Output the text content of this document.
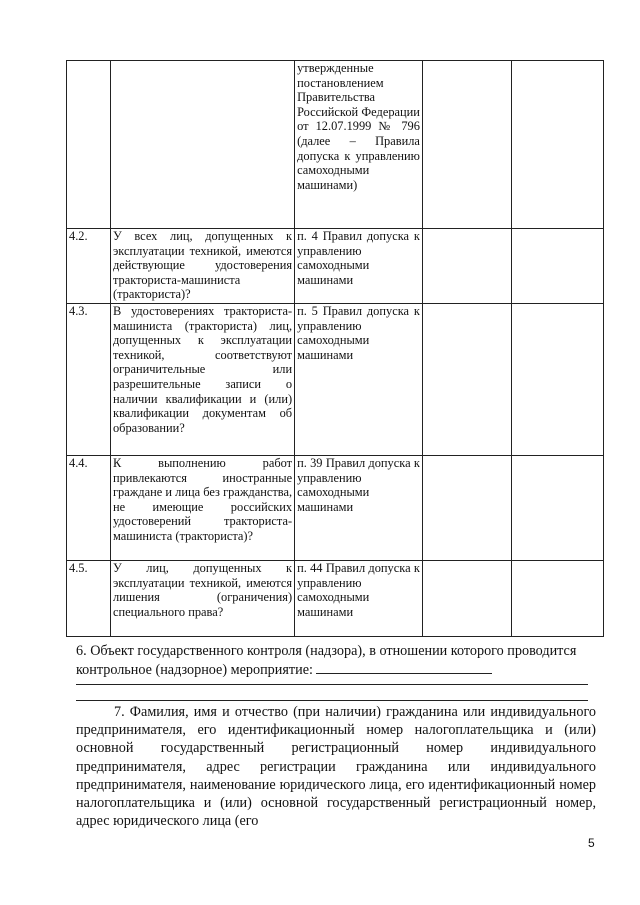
		утвержденные постановлением Правительства Российской Федерации от 12.07.1999 № 796 (далее – Правила допуска к управлению самоходными машинами)		
4.2.	У всех лиц, допущенных к эксплуатации техникой, имеются действующие удостоверения тракториста-машиниста (тракториста)?	п. 4 Правил допуска к управлению самоходными машинами		
4.3.	В удостоверениях тракториста-машиниста (тракториста) лиц, допущенных к эксплуатации техникой, соответствуют ограничительные или разрешительные записи о наличии квалификации и (или) квалификации документам об образовании?	п. 5 Правил допуска к управлению самоходными машинами		
4.4.	К выполнению работ привлекаются иностранные граждане и лица без гражданства, не имеющие российских удостоверений тракториста-машиниста (тракториста)?	п. 39 Правил допуска к управлению самоходными машинами		
4.5.	У лиц, допущенных к эксплуатации техникой, имеются лишения (ограничения) специального права?	п. 44 Правил допуска к управлению самоходными машинами		
6. Объект государственного контроля (надзора), в отношении которого проводится контрольное (надзорное) мероприятие:
7. Фамилия, имя и отчество (при наличии) гражданина или индивидуального предпринимателя, его идентификационный номер налогоплательщика и (или) основной государственный регистрационный номер индивидуального предпринимателя, адрес регистрации гражданина или индивидуального предпринимателя, наименование юридического лица, его идентификационный номер налогоплательщика и (или) основной государственный регистрационный номер, адрес юридического лица (его
5
